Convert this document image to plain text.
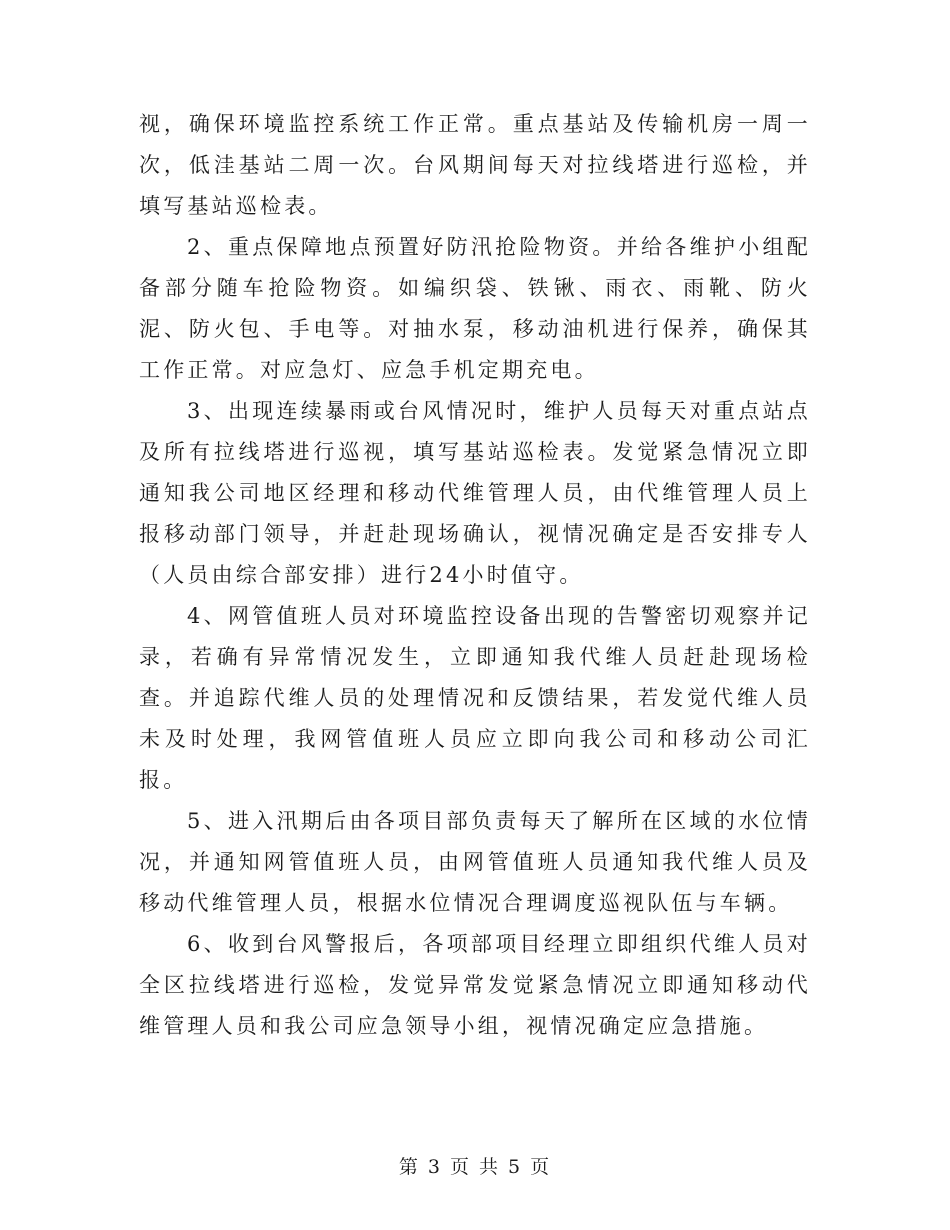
视，确保环境监控系统工作正常。重点基站及传输机房一周一次，低洼基站二周一次。台风期间每天对拉线塔进行巡检，并填写基站巡检表。

2、重点保障地点预置好防汛抢险物资。并给各维护小组配备部分随车抢险物资。如编织袋、铁锹、雨衣、雨靴、防火泥、防火包、手电等。对抽水泵，移动油机进行保养，确保其工作正常。对应急灯、应急手机定期充电。

3、出现连续暴雨或台风情况时，维护人员每天对重点站点及所有拉线塔进行巡视，填写基站巡检表。发觉紧急情况立即通知我公司地区经理和移动代维管理人员，由代维管理人员上报移动部门领导，并赶赴现场确认，视情况确定是否安排专人（人员由综合部安排）进行24小时值守。

4、网管值班人员对环境监控设备出现的告警密切观察并记录，若确有异常情况发生，立即通知我代维人员赶赴现场检查。并追踪代维人员的处理情况和反馈结果，若发觉代维人员未及时处理，我网管值班人员应立即向我公司和移动公司汇报。

5、进入汛期后由各项目部负责每天了解所在区域的水位情况，并通知网管值班人员，由网管值班人员通知我代维人员及移动代维管理人员，根据水位情况合理调度巡视队伍与车辆。

6、收到台风警报后，各项部项目经理立即组织代维人员对全区拉线塔进行巡检，发觉异常发觉紧急情况立即通知移动代维管理人员和我公司应急领导小组，视情况确定应急措施。

第 3 页 共 5 页
